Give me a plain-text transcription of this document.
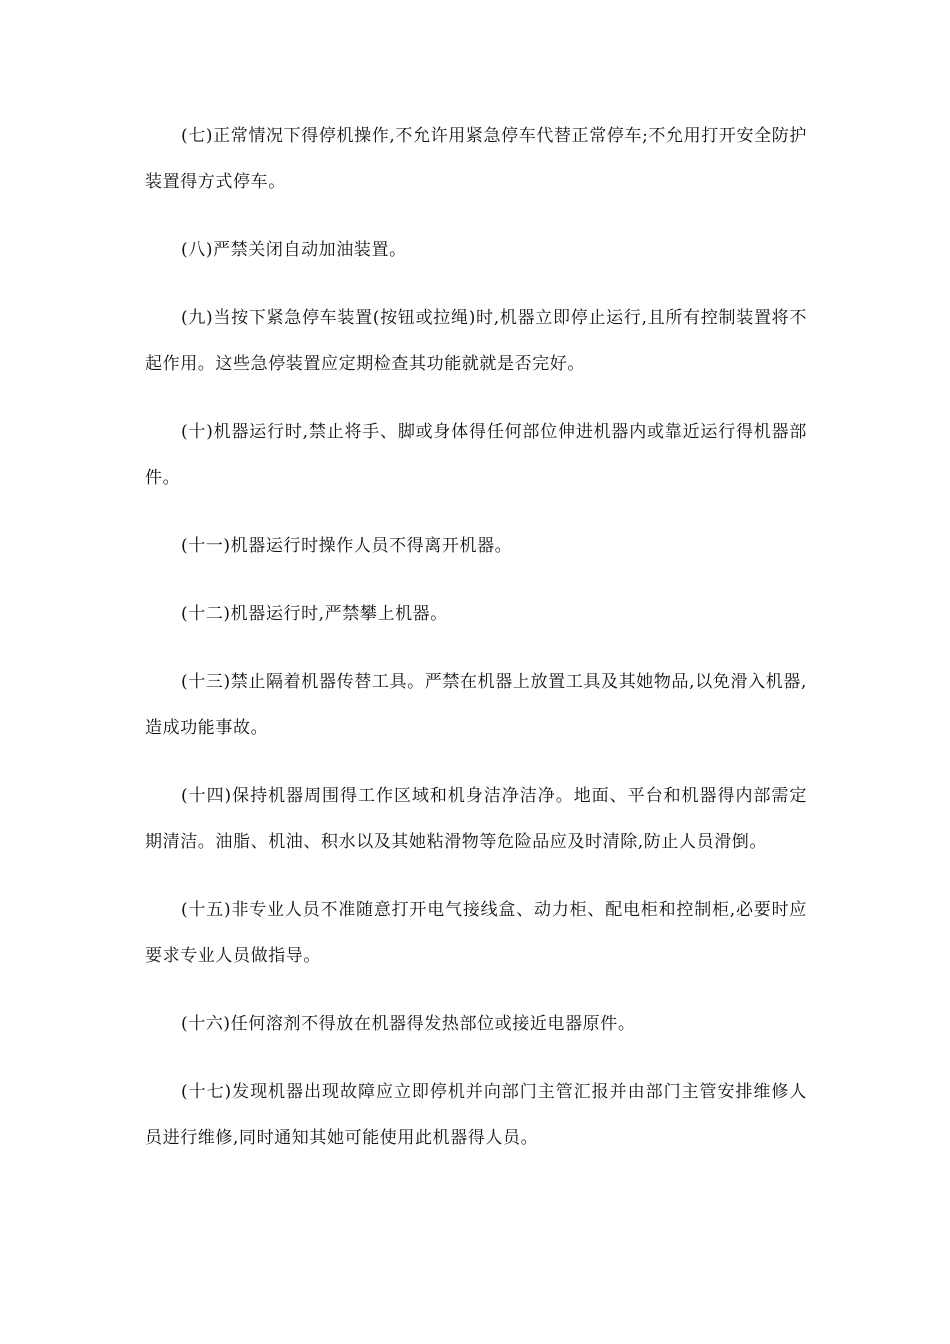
(七)正常情况下得停机操作,不允许用紧急停车代替正常停车;不允用打开安全防护装置得方式停车。

(八)严禁关闭自动加油装置。

(九)当按下紧急停车装置(按钮或拉绳)时,机器立即停止运行,且所有控制装置将不起作用。这些急停装置应定期检查其功能就就是否完好。

(十)机器运行时,禁止将手、脚或身体得任何部位伸进机器内或靠近运行得机器部件。

(十一)机器运行时操作人员不得离开机器。

(十二)机器运行时,严禁攀上机器。

(十三)禁止隔着机器传替工具。严禁在机器上放置工具及其她物品,以免滑入机器,造成功能事故。

(十四)保持机器周围得工作区域和机身洁净洁净。地面、平台和机器得内部需定期清洁。油脂、机油、积水以及其她粘滑物等危险品应及时清除,防止人员滑倒。

(十五)非专业人员不准随意打开电气接线盒、动力柜、配电柜和控制柜,必要时应要求专业人员做指导。

(十六)任何溶剂不得放在机器得发热部位或接近电器原件。

(十七)发现机器出现故障应立即停机并向部门主管汇报并由部门主管安排维修人员进行维修,同时通知其她可能使用此机器得人员。
